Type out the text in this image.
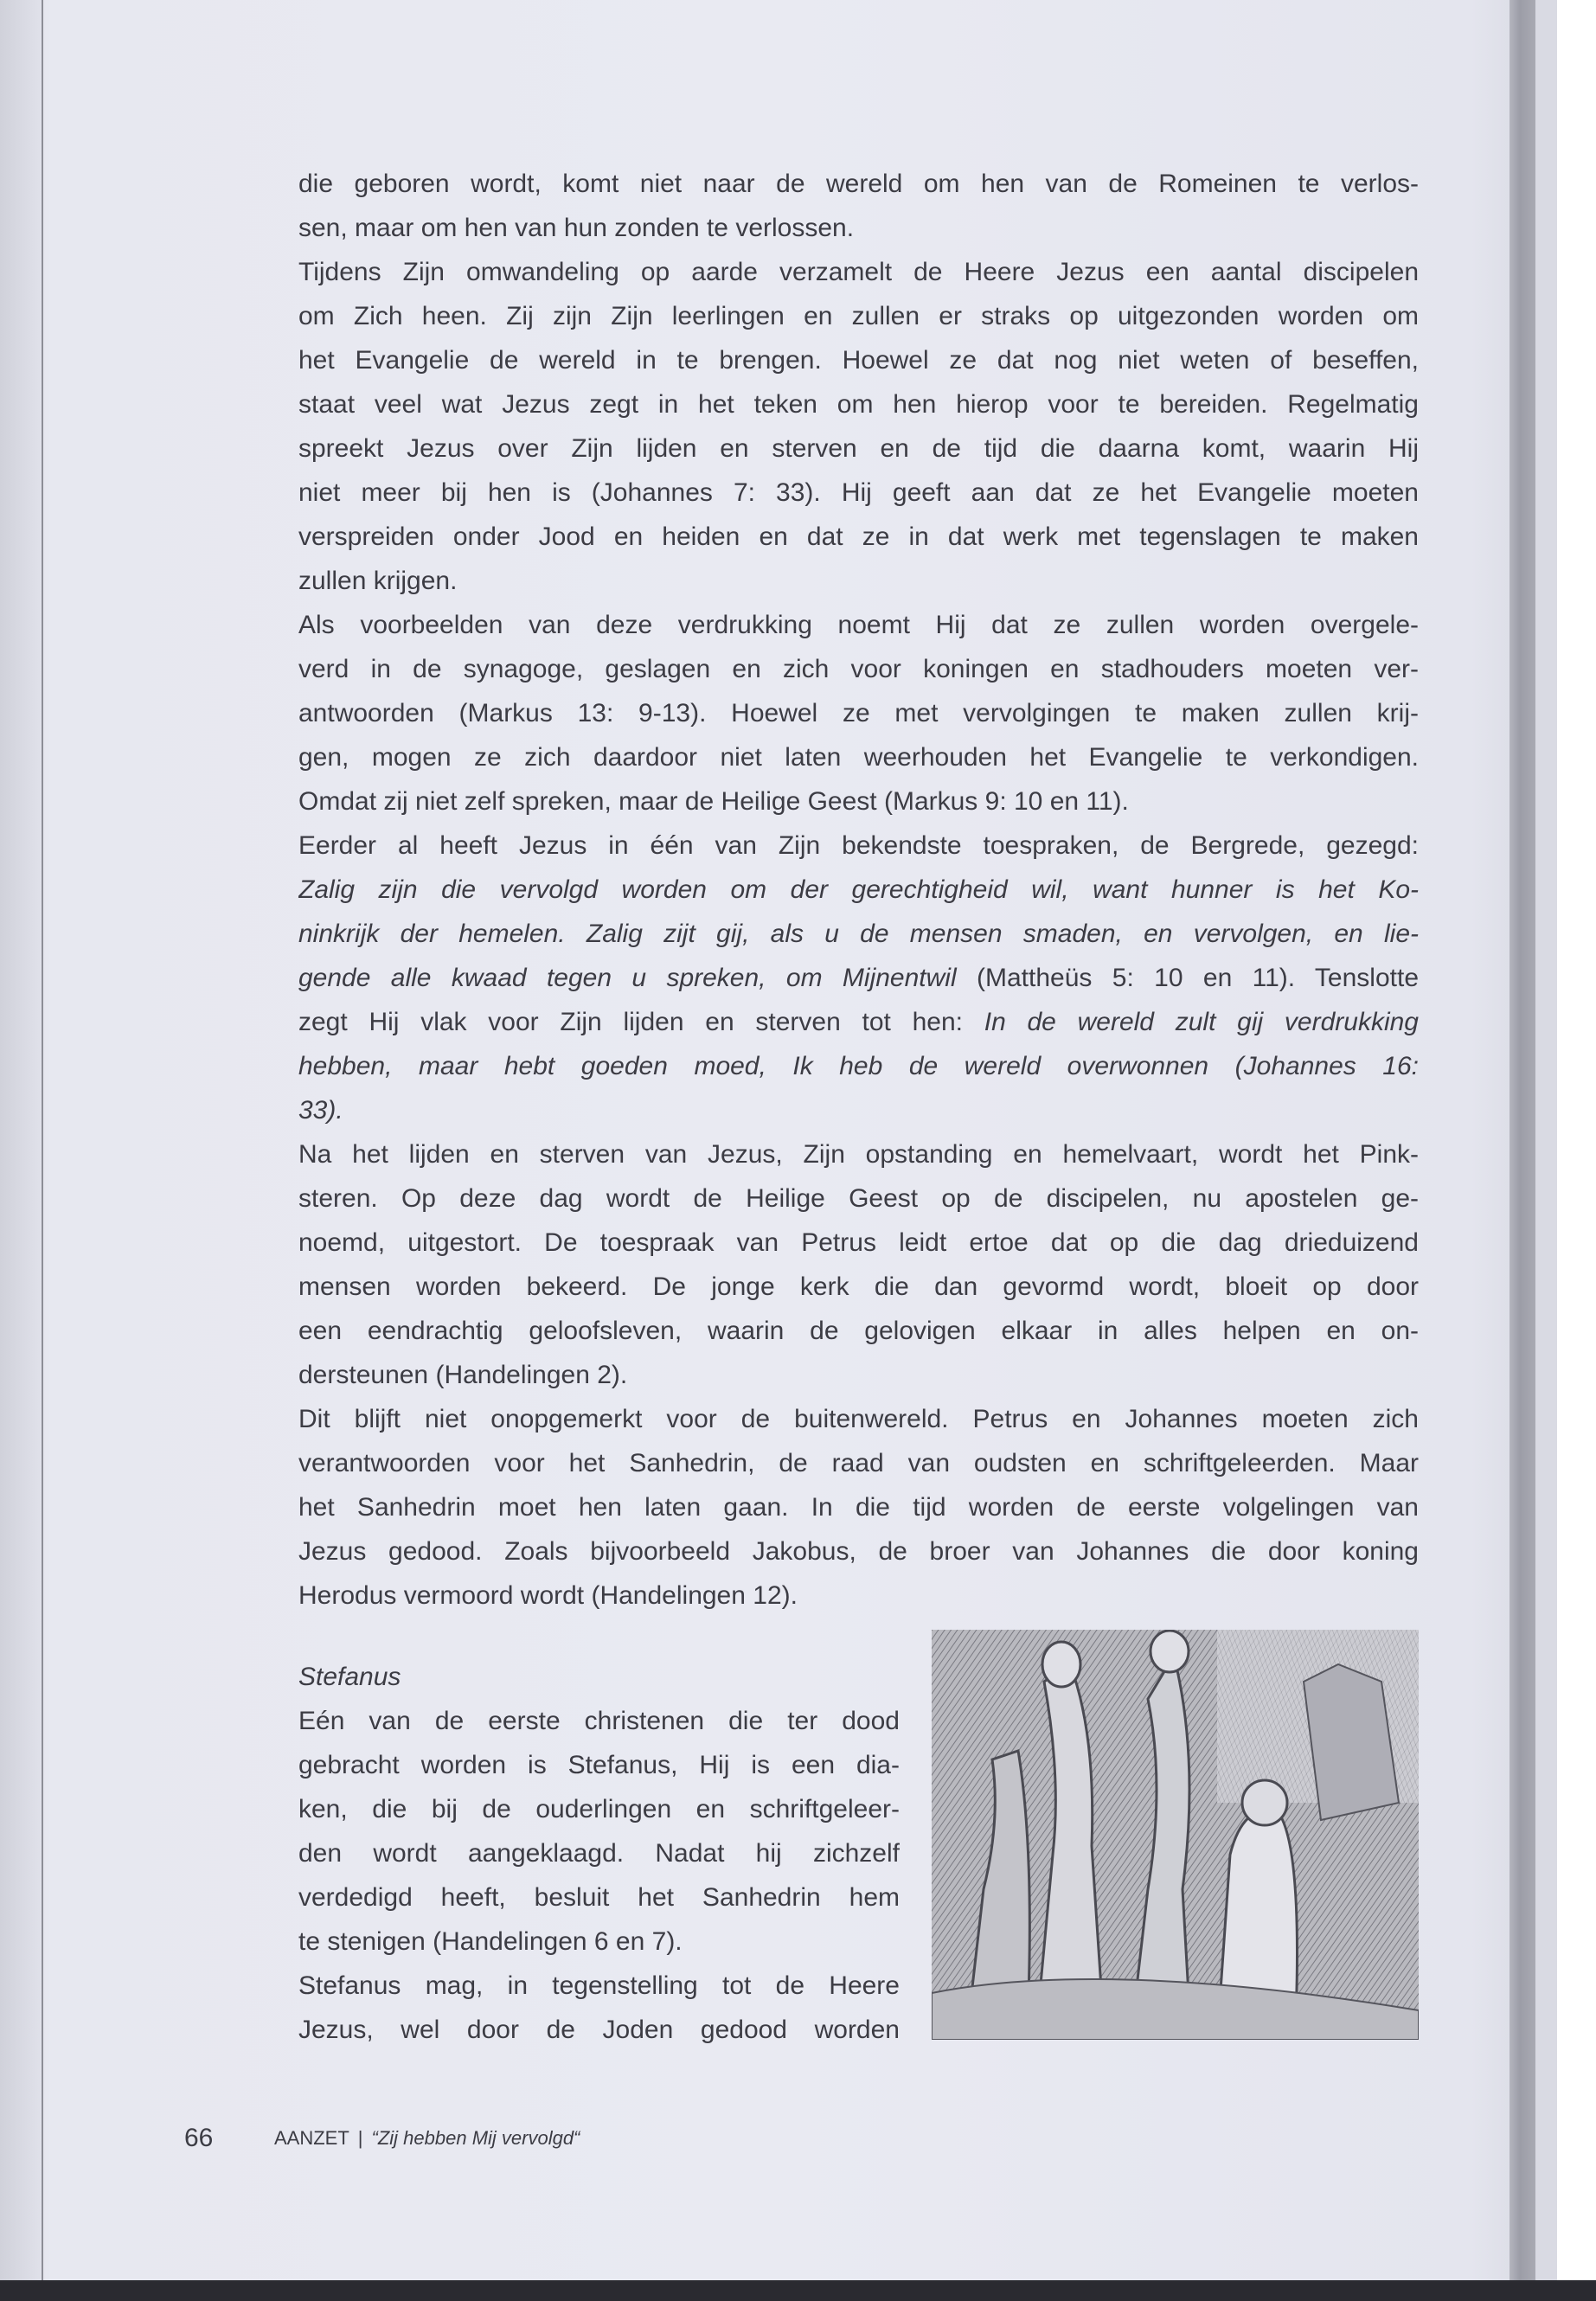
die geboren wordt, komt niet naar de wereld om hen van de Romeinen te verlos-
sen, maar om hen van hun zonden te verlossen.
Tijdens Zijn omwandeling op aarde verzamelt de Heere Jezus een aantal discipelen
om Zich heen. Zij zijn Zijn leerlingen en zullen er straks op uitgezonden worden om
het Evangelie de wereld in te brengen. Hoewel ze dat nog niet weten of beseffen,
staat veel wat Jezus zegt in het teken om hen hierop voor te bereiden. Regelmatig
spreekt Jezus over Zijn lijden en sterven en de tijd die daarna komt, waarin Hij
niet meer bij hen is (Johannes 7: 33). Hij geeft aan dat ze het Evangelie moeten
verspreiden onder Jood en heiden en dat ze in dat werk met tegenslagen te maken
zullen krijgen.
Als voorbeelden van deze verdrukking noemt Hij dat ze zullen worden overgele-
verd in de synagoge, geslagen en zich voor koningen en stadhouders moeten ver-
antwoorden (Markus 13: 9-13). Hoewel ze met vervolgingen te maken zullen krij-
gen, mogen ze zich daardoor niet laten weerhouden het Evangelie te verkondigen.
Omdat zij niet zelf spreken, maar de Heilige Geest (Markus 9: 10 en 11).
Eerder al heeft Jezus in één van Zijn bekendste toespraken, de Bergrede, gezegd:
Zalig zijn die vervolgd worden om der gerechtigheid wil, want hunner is het Ko-
ninkrijk der hemelen. Zalig zijt gij, als u de mensen smaden, en vervolgen, en lie-
gende alle kwaad tegen u spreken, om Mijnentwil (Mattheüs 5: 10 en 11). Tenslotte
zegt Hij vlak voor Zijn lijden en sterven tot hen: In de wereld zult gij verdrukking
hebben, maar hebt goeden moed, Ik heb de wereld overwonnen (Johannes 16:
33).
Na het lijden en sterven van Jezus, Zijn opstanding en hemelvaart, wordt het Pink-
steren. Op deze dag wordt de Heilige Geest op de discipelen, nu apostelen ge-
noemd, uitgestort. De toespraak van Petrus leidt ertoe dat op die dag drieduizend
mensen worden bekeerd. De jonge kerk die dan gevormd wordt, bloeit op door
een eendrachtig geloofsleven, waarin de gelovigen elkaar in alles helpen en on-
dersteunen (Handelingen 2).
Dit blijft niet onopgemerkt voor de buitenwereld. Petrus en Johannes moeten zich
verantwoorden voor het Sanhedrin, de raad van oudsten en schriftgeleerden. Maar
het Sanhedrin moet hen laten gaan. In die tijd worden de eerste volgelingen van
Jezus gedood. Zoals bijvoorbeeld Jakobus, de broer van Johannes die door koning
Herodus vermoord wordt (Handelingen 12).
Stefanus
Eén van de eerste christenen die ter dood
gebracht worden is Stefanus, Hij is een dia-
ken, die bij de ouderlingen en schriftgeleer-
den wordt aangeklaagd. Nadat hij zichzelf
verdedigd heeft, besluit het Sanhedrin hem
te stenigen (Handelingen 6 en 7).
Stefanus mag, in tegenstelling tot de Heere
Jezus, wel door de Joden gedood worden
66	AANZET | “Zij hebben Mij vervolgd“
